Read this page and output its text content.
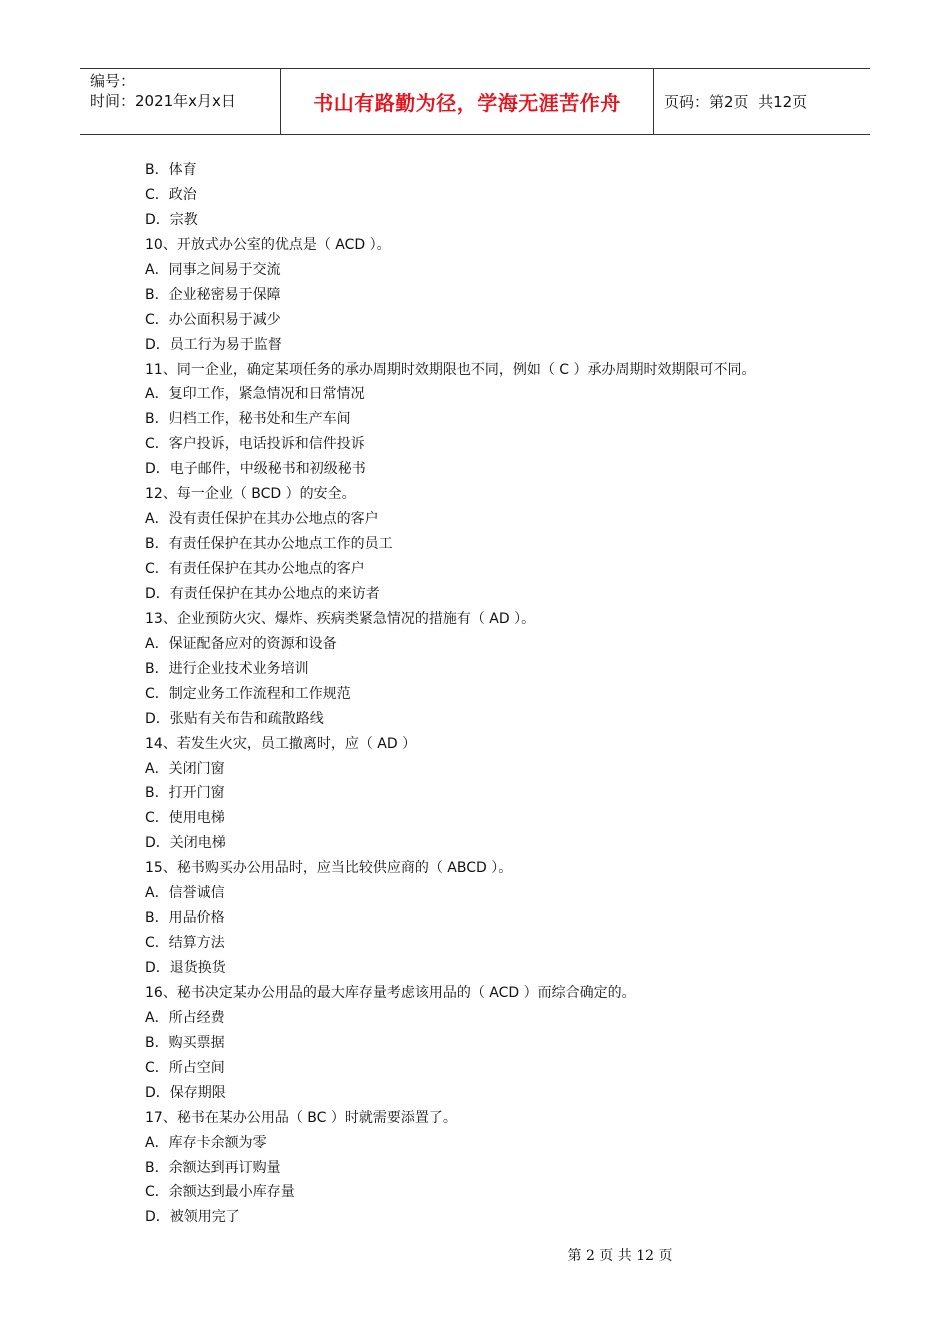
编号：
时间：2021年x月x日	书山有路勤为径，学海无涯苦作舟	页码：第2页  共12页
B．体育
C．政治
D．宗教
10、开放式办公室的优点是（ ACD ）。
A．同事之间易于交流
B．企业秘密易于保障
C．办公面积易于减少
D．员工行为易于监督
11、同一企业，确定某项任务的承办周期时效期限也不同，例如（ C ）承办周期时效期限可不同。
A．复印工作，紧急情况和日常情况
B．归档工作，秘书处和生产车间
C．客户投诉，电话投诉和信件投诉
D．电子邮件，中级秘书和初级秘书
12、每一企业（ BCD ）的安全。
A．没有责任保护在其办公地点的客户
B．有责任保护在其办公地点工作的员工
C．有责任保护在其办公地点的客户
D．有责任保护在其办公地点的来访者
13、企业预防火灾、爆炸、疾病类紧急情况的措施有（ AD ）。
A．保证配备应对的资源和设备
B．进行企业技术业务培训
C．制定业务工作流程和工作规范
D．张贴有关布告和疏散路线
14、若发生火灾，员工撤离时，应（ AD ）
A．关闭门窗
B．打开门窗
C．使用电梯
D．关闭电梯
15、秘书购买办公用品时，应当比较供应商的（ ABCD ）。
A．信誉诚信
B．用品价格
C．结算方法
D．退货换货
16、秘书决定某办公用品的最大库存量考虑该用品的（ ACD ）而综合确定的。
A．所占经费
B．购买票据
C．所占空间
D．保存期限
17、秘书在某办公用品（ BC ）时就需要添置了。
A．库存卡余额为零
B．余额达到再订购量
C．余额达到最小库存量
D．被领用完了
第 2 页 共 12 页
